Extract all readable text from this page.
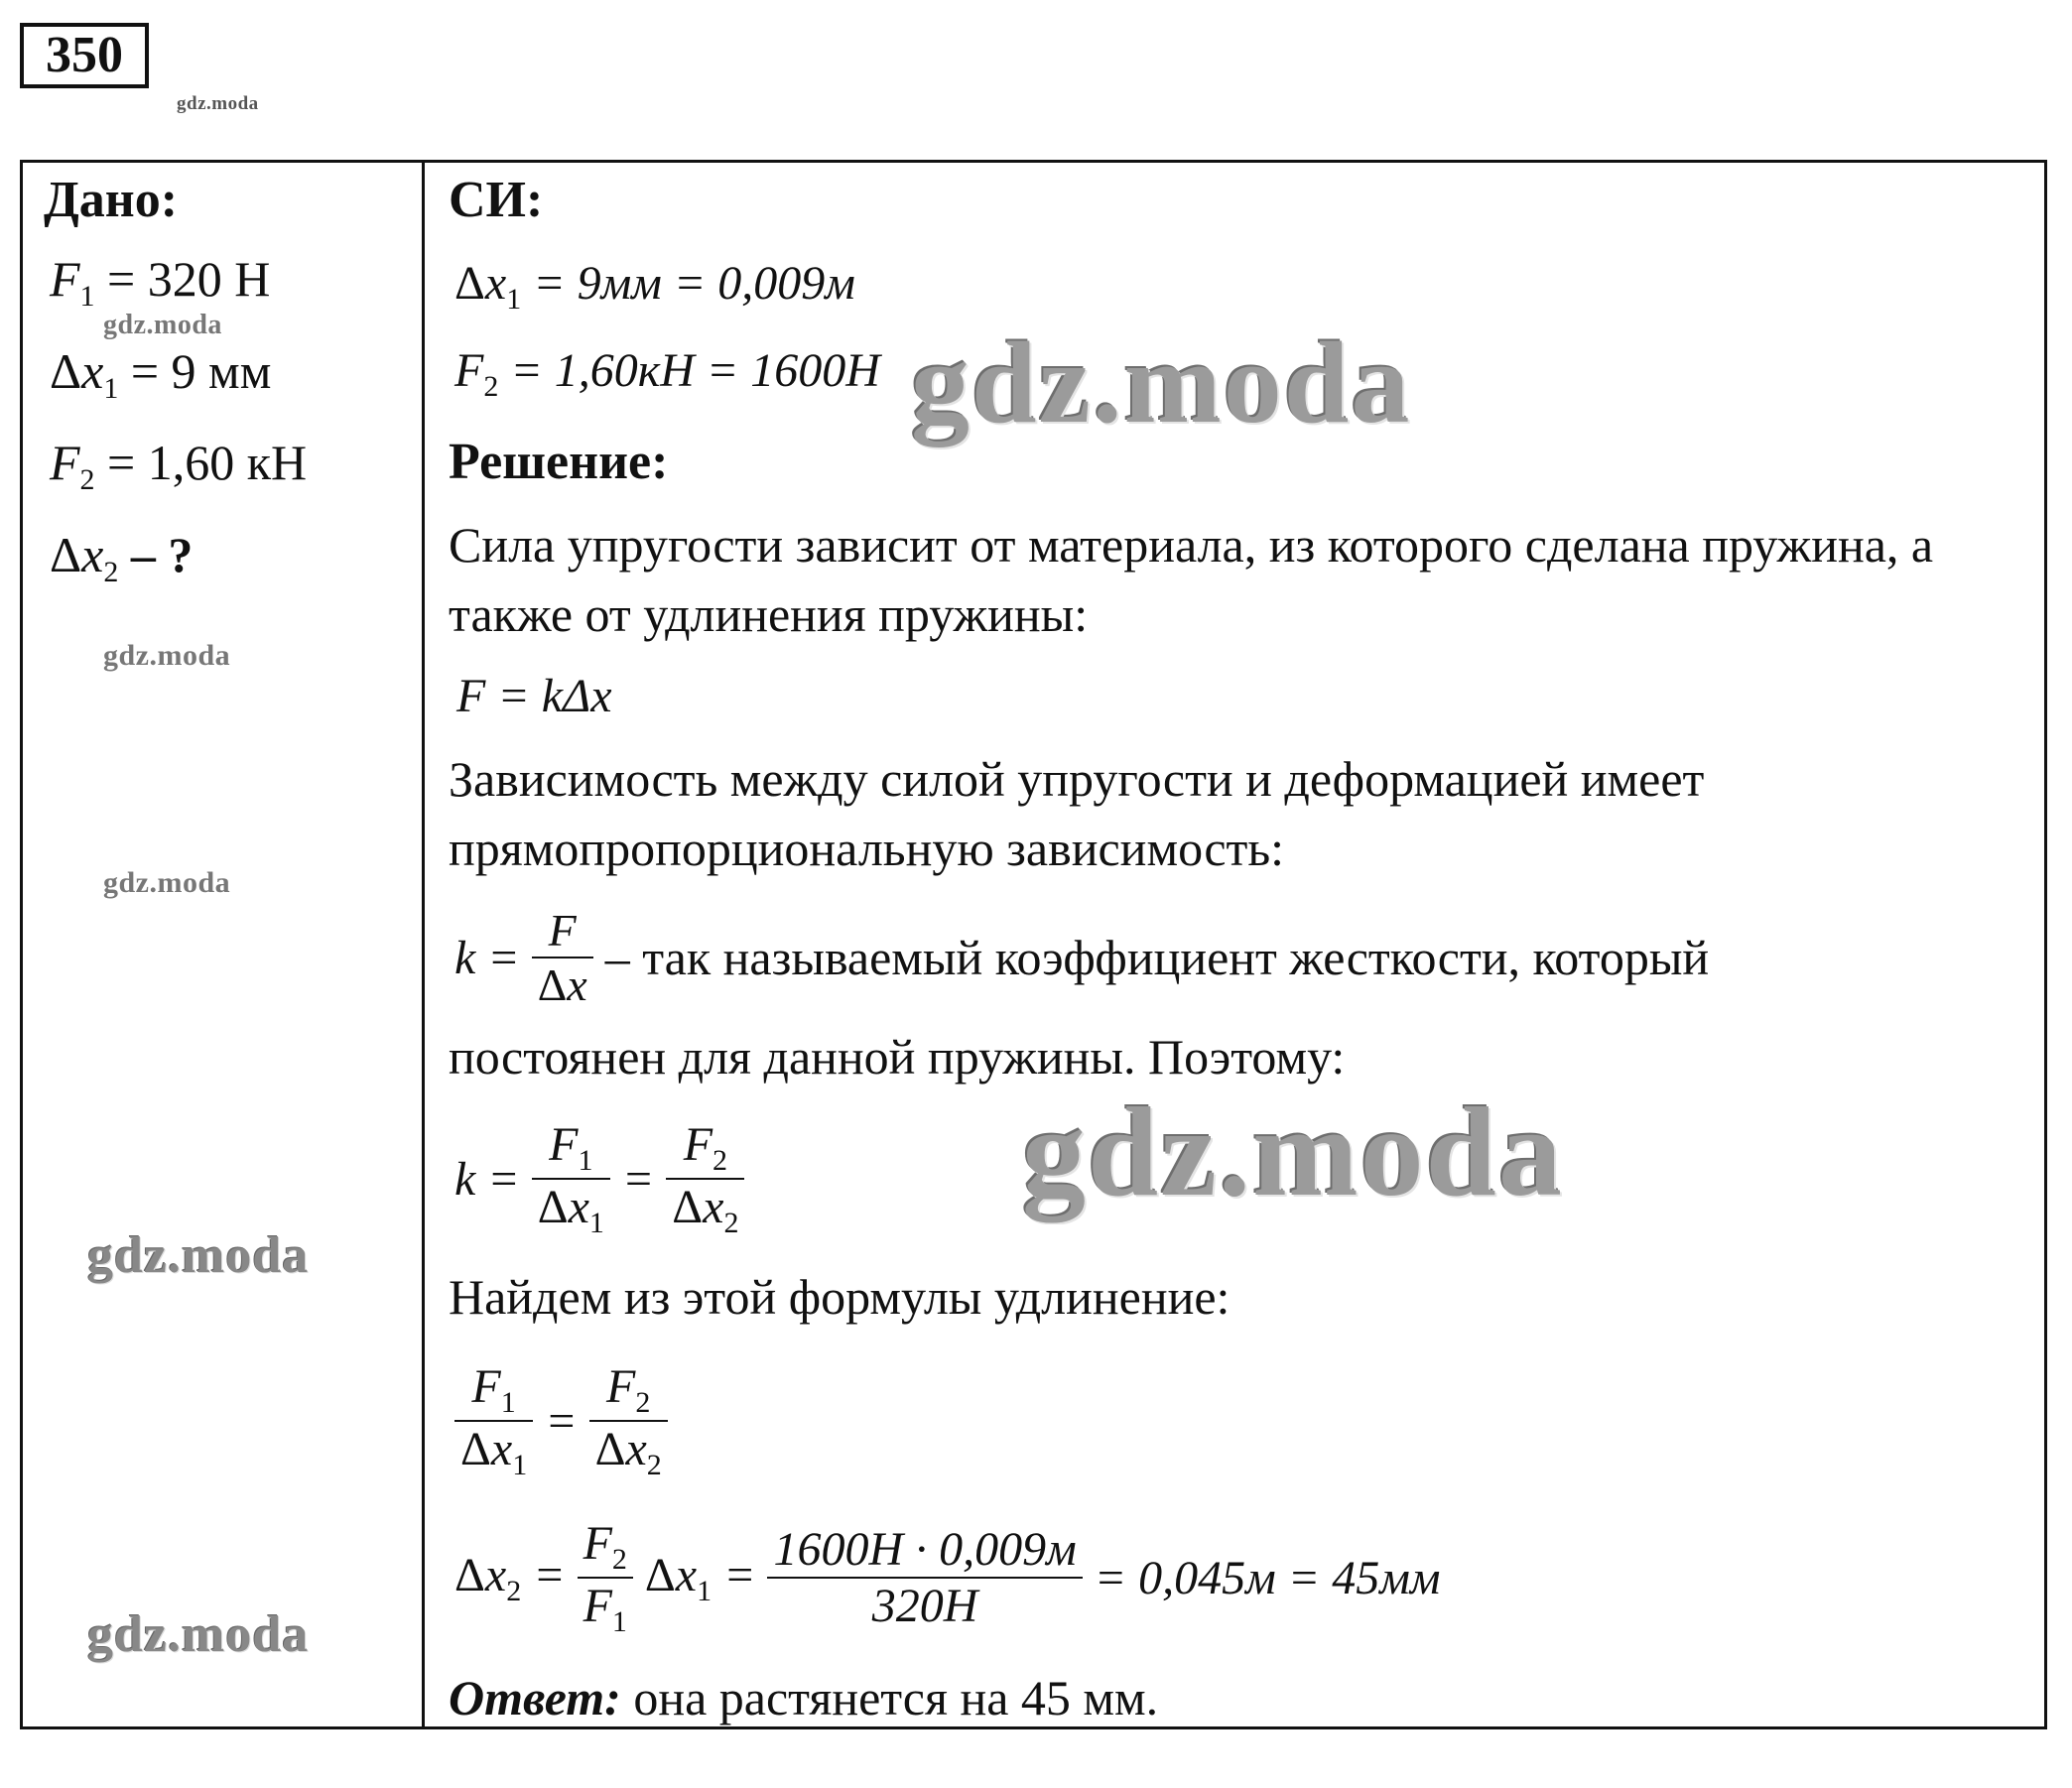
350
gdz.moda
Дано:
$F_1 = 320$ Н
gdz.moda
$\Delta x_1 = 9$ мм
$F_2 = 1,60$ кН
$\Delta x_2$ – ?
gdz.moda
gdz.moda
gdz.moda
gdz.moda
СИ:
$\Delta x_1 = 9мм = 0,009м$
$F_2 = 1,60кН = 1600Н$ gdz.moda
Решение:
Сила упругости зависит от материала, из которого сделана пружина, а также от удлинения пружины:
F = kΔx
Зависимость между силой упругости и деформацией имеет прямопропорциональную зависимость:
$k = \frac{F}{\Delta x}$ – так называемый коэффициент жесткости, который
постоянен для данной пружины. Поэтому:
$k = \frac{F_1}{\Delta x_1} = \frac{F_2}{\Delta x_2}$ gdz.moda
Найдем из этой формулы удлинение:
$\frac{F_1}{\Delta x_1} = \frac{F_2}{\Delta x_2}$
$\Delta x_2 = \frac{F_2}{F_1} \Delta x_1 = \frac{1600Н \cdot 0,009м}{320Н}$
= 0,045м = 45мм
Ответ: она растянется на 45 мм.
